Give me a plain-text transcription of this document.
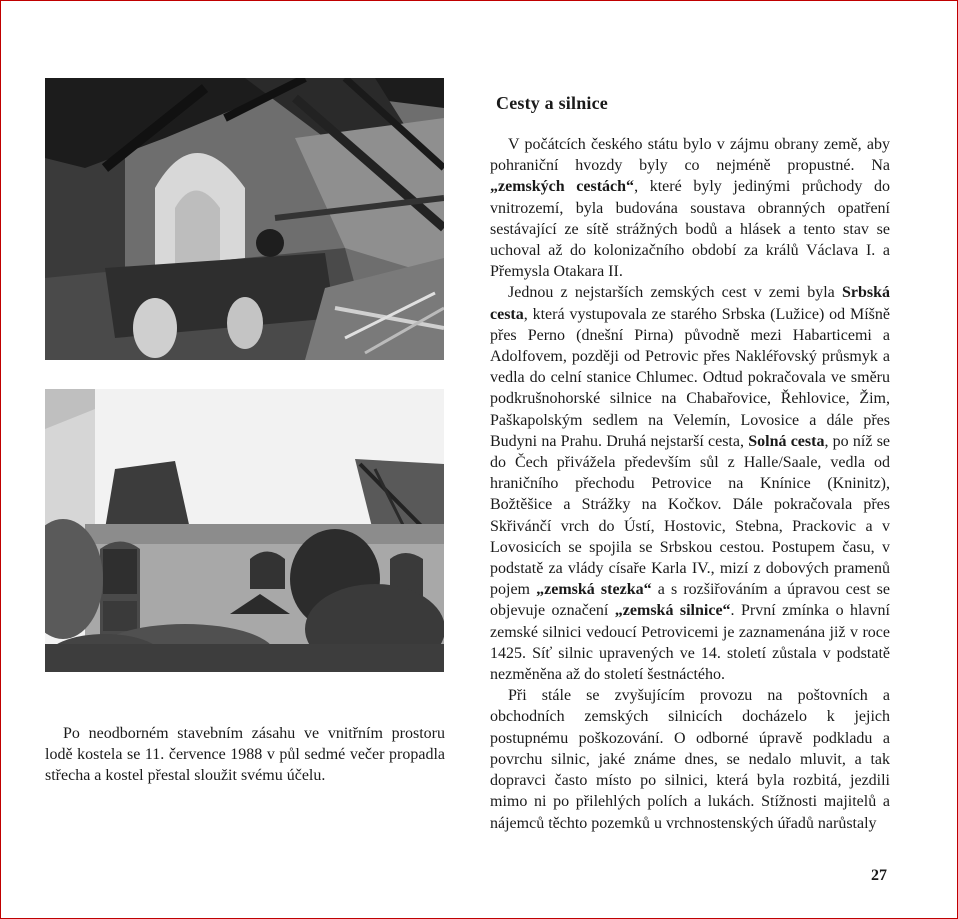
Po neodborném stavebním zásahu ve vnitřním prostoru lodě kostela se 11. července 1988 v půl sedmé večer propadla střecha a kostel přestal sloužit svému účelu.

Cesty a silnice

V počátcích českého státu bylo v zájmu obrany země, aby pohraniční hvozdy byly co nejméně propustné. Na „zemských cestách“, které byly jedinými průchody do vnitrozemí, byla budována soustava obranných opatření sestávající ze sítě strážných bodů a hlásek a tento stav se uchoval až do kolonizačního období za králů Václava I. a Přemysla Otakara II.

Jednou z nejstarších zemských cest v zemi byla Srbská cesta, která vystupovala ze starého Srbska (Lužice) od Míšně přes Perno (dnešní Pirna) původně mezi Habarticemi a Adolfovem, později od Petrovic přes Nakléřovský průsmyk a vedla do celní stanice Chlumec. Odtud pokračovala ve směru podkrušnohorské silnice na Chabařovice, Řehlovice, Žim, Paškapolským sedlem na Velemín, Lovosice a dále přes Budyni na Prahu. Druhá nejstarší cesta, Solná cesta, po níž se do Čech přivážela především sůl z Halle/Saale, vedla od hraničního přechodu Petrovice na Knínice (Kninitz), Božtěšice a Strážky na Kočkov. Dále pokračovala přes Skřivánčí vrch do Ústí, Hostovic, Stebna, Prackovic a v Lovosicích se spojila se Srbskou cestou. Postupem času, v podstatě za vlády císaře Karla IV., mizí z dobových pramenů pojem „zemská stezka“ a s rozšiřováním a úpravou cest se objevuje označení „zemská silnice“. První zmínka o hlavní zemské silnici vedoucí Petrovicemi je zaznamenána již v roce 1425. Síť silnic upravených ve 14. století zůstala v podstatě nezměněna až do století šestnáctého.

Při stále se zvyšujícím provozu na poštovních a obchodních zemských silnicích docházelo k jejich postupnému poškozování. O odborné úpravě podkladu a povrchu silnic, jaké známe dnes, se nedalo mluvit, a tak dopravci často místo po silnici, která byla rozbitá, jezdili mimo ni po přilehlých polích a lukách. Stížnosti majitelů a nájemců těchto pozemků u vrchnostenských úřadů narůstaly

27
